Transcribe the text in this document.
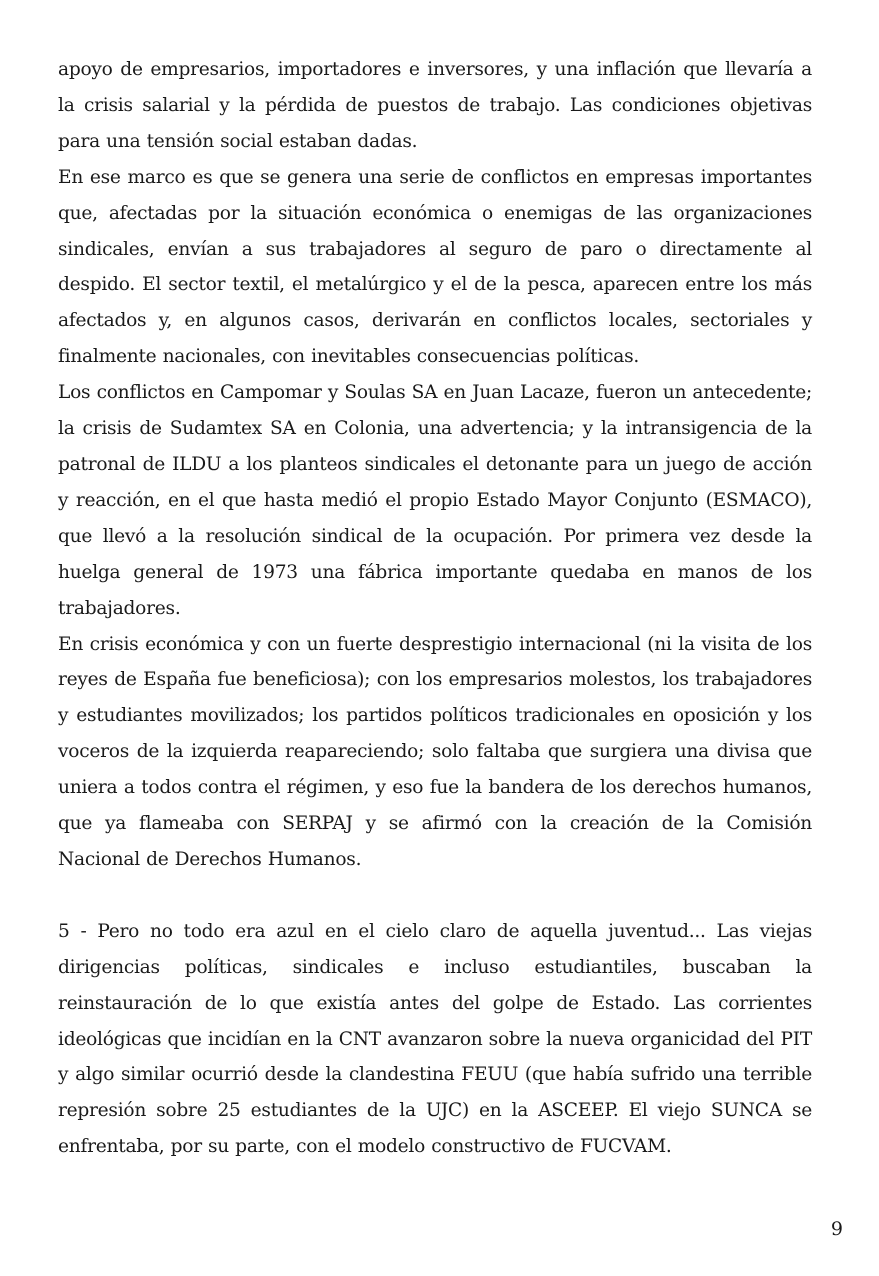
apoyo de empresarios, importadores e inversores, y una inflación que llevaría a la crisis salarial y la pérdida de puestos de trabajo. Las condiciones objetivas para una tensión social estaban dadas.

En ese marco es que se genera una serie de conflictos en empresas importantes que, afectadas por la situación económica o enemigas de las organizaciones sindicales, envían a sus trabajadores al seguro de paro o directamente al despido. El sector textil, el metalúrgico y el de la pesca, aparecen entre los más afectados y, en algunos casos, derivarán en conflictos locales, sectoriales y finalmente nacionales, con inevitables consecuencias políticas.

Los conflictos en Campomar y Soulas SA en Juan Lacaze, fueron un antecedente; la crisis de Sudamtex SA en Colonia, una advertencia; y la intransigencia de la patronal de ILDU a los planteos sindicales el detonante para un juego de acción y reacción, en el que hasta medió el propio Estado Mayor Conjunto (ESMACO), que llevó a la resolución sindical de la ocupación. Por primera vez desde la huelga general de 1973 una fábrica importante quedaba en manos de los trabajadores.

En crisis económica y con un fuerte desprestigio internacional (ni la visita de los reyes de España fue beneficiosa); con los empresarios molestos, los trabajadores y estudiantes movilizados; los partidos políticos tradicionales en oposición y los voceros de la izquierda reapareciendo; solo faltaba que surgiera una divisa que uniera a todos contra el régimen, y eso fue la bandera de los derechos humanos, que ya flameaba con SERPAJ y se afirmó con la creación de la Comisión Nacional de Derechos Humanos.

5 - Pero no todo era azul en el cielo claro de aquella juventud... Las viejas dirigencias políticas, sindicales e incluso estudiantiles, buscaban la reinstauración de lo que existía antes del golpe de Estado. Las corrientes ideológicas que incidían en la CNT avanzaron sobre la nueva organicidad del PIT y algo similar ocurrió desde la clandestina FEUU (que había sufrido una terrible represión sobre 25 estudiantes de la UJC) en la ASCEEP. El viejo SUNCA se enfrentaba, por su parte, con el modelo constructivo de FUCVAM.

9
